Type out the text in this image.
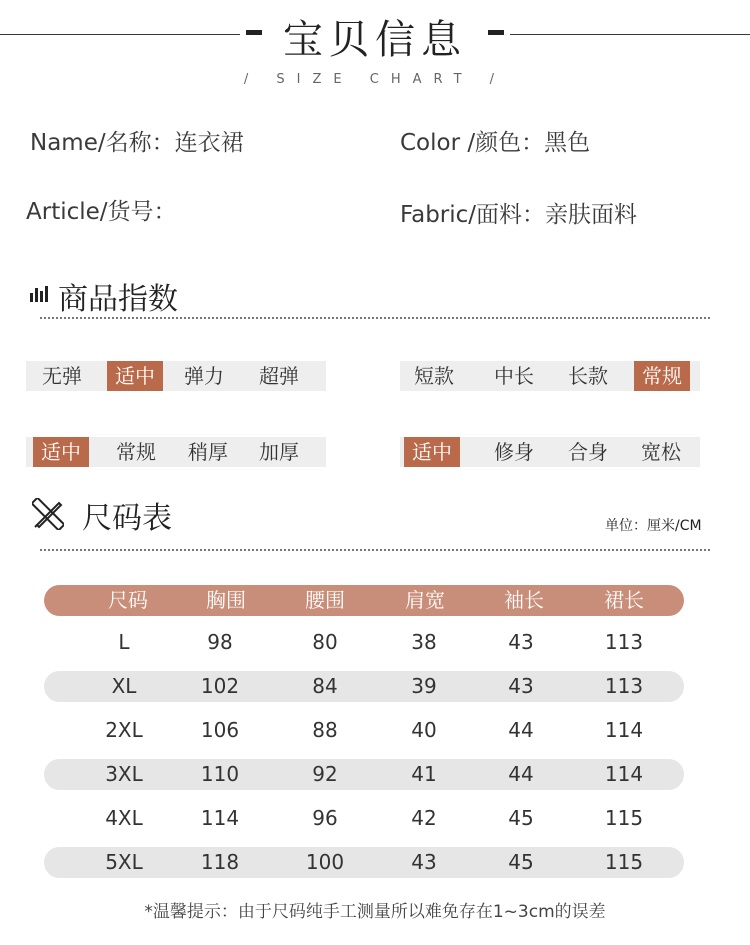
宝贝信息
/ SIZE CHART /
Name/名称：连衣裙	Color /颜色：黑色
Article/货号：	Fabric/面料：亲肤面料
商品指数
无弹	适中	弹力	超弹	短款	中长	长款	常规
适中	常规	稍厚	加厚	适中	修身	合身	宽松
尺码表	单位：厘米/CM
尺码	胸围	腰围	肩宽	袖长	裙长
L	98	80	38	43	113
XL	102	84	39	43	113
2XL	106	88	40	44	114
3XL	110	92	41	44	114
4XL	114	96	42	45	115
5XL	118	100	43	45	115
*温馨提示：由于尺码纯手工测量所以难免存在1~3cm的误差
